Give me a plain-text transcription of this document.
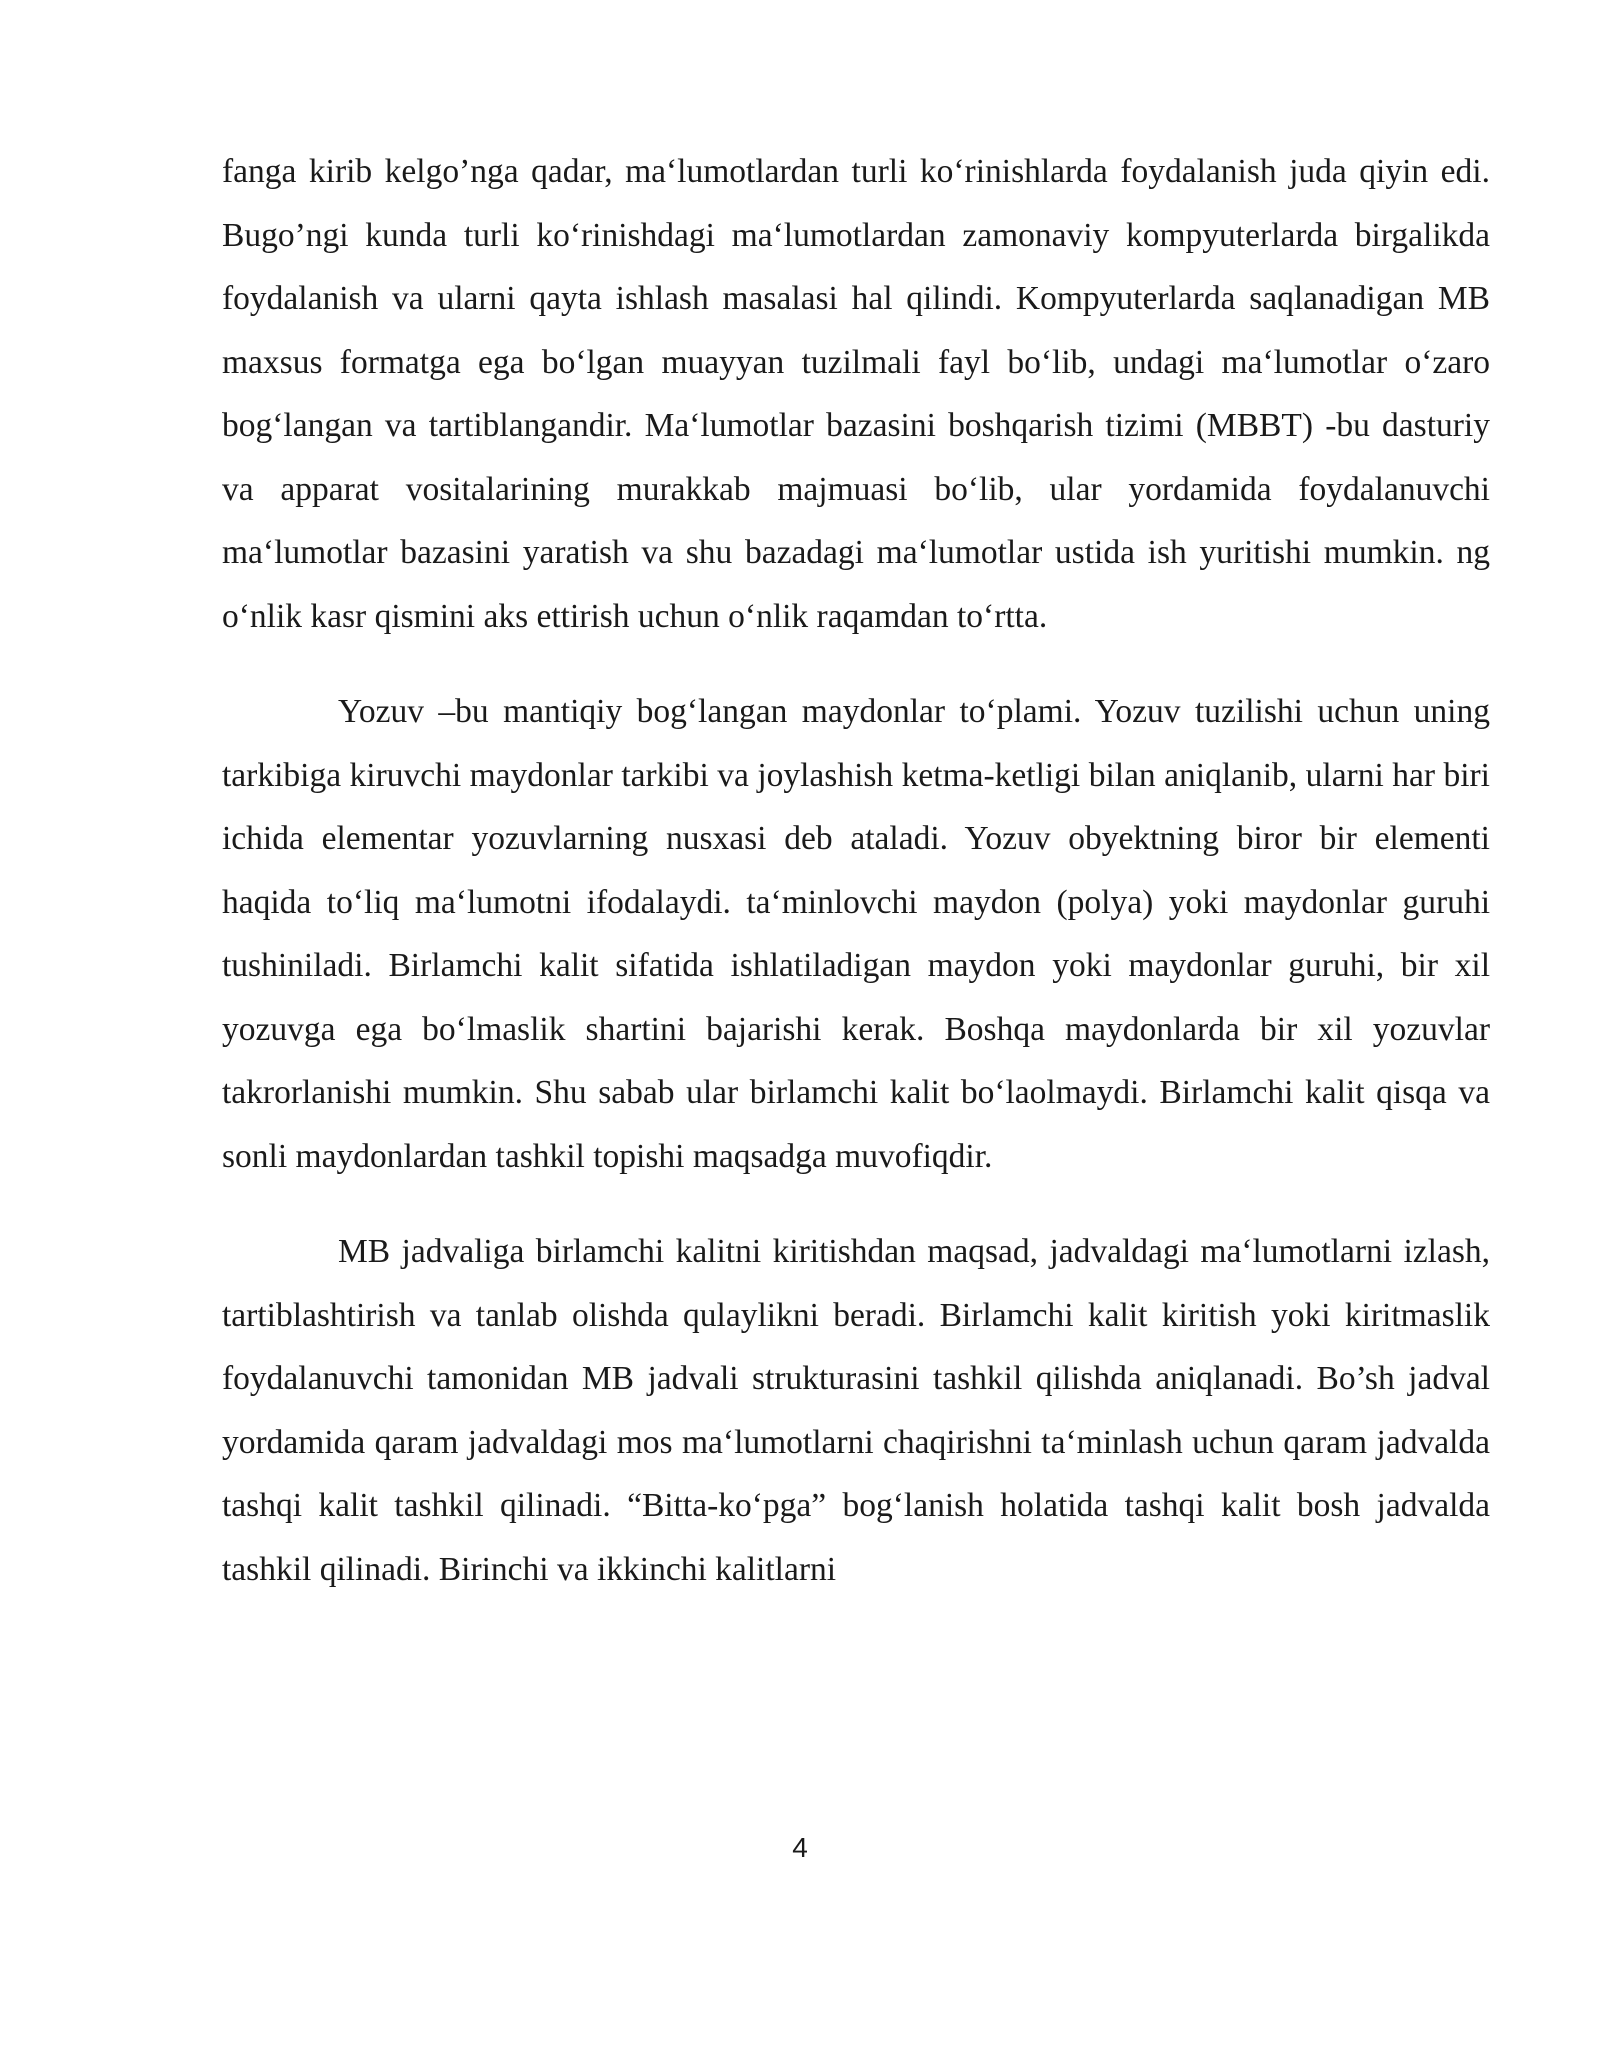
fanga kirib kelgo’nga qadar, maʻlumotlardan turli koʻrinishlarda foydalanish juda qiyin edi. Bugo’ngi kunda turli koʻrinishdagi maʻlumotlardan zamonaviy kompyuterlarda birgalikda foydalanish va ularni qayta ishlash masalasi hal qilindi. Kompyuterlarda saqlanadigan MB maxsus formatga ega boʻlgan muayyan tuzilmali fayl boʻlib, undagi maʻlumotlar oʻzaro bogʻlangan va tartiblangandir. Maʻlumotlar bazasini boshqarish tizimi (MBBT) -bu dasturiy va apparat vositalarining murakkab majmuasi boʻlib, ular yordamida foydalanuvchi maʻlumotlar bazasini yaratish va shu bazadagi maʻlumotlar ustida ish yuritishi mumkin. ng oʻnlik kasr qismini aks ettirish uchun oʻnlik raqamdan toʻrtta.

Yozuv –bu mantiqiy bogʻlangan maydonlar toʻplami. Yozuv tuzilishi uchun uning tarkibiga kiruvchi maydonlar tarkibi va joylashish ketma-ketligi bilan aniqlanib, ularni har biri ichida elementar yozuvlarning nusxasi deb ataladi. Yozuv obyektning biror bir elementi haqida toʻliq maʻlumotni ifodalaydi. taʻminlovchi maydon (polya) yoki maydonlar guruhi tushiniladi. Birlamchi kalit sifatida ishlatiladigan maydon yoki maydonlar guruhi, bir xil yozuvga ega boʻlmaslik shartini bajarishi kerak. Boshqa maydonlarda bir xil yozuvlar takrorlanishi mumkin. Shu sabab ular birlamchi kalit boʻlaolmaydi. Birlamchi kalit qisqa va sonli maydonlardan tashkil topishi maqsadga muvofiqdir.

MB jadvaliga birlamchi kalitni kiritishdan maqsad, jadvaldagi maʻlumotlarni izlash, tartiblashtirish va tanlab olishda qulaylikni beradi. Birlamchi kalit kiritish yoki kiritmaslik foydalanuvchi tamonidan MB jadvali strukturasini tashkil qilishda aniqlanadi. Bo’sh jadval yordamida qaram jadvaldagi mos maʻlumotlarni chaqirishni taʻminlash uchun qaram jadvalda tashqi kalit tashkil qilinadi. “Bitta-koʻpga” bogʻlanish holatida tashqi kalit bosh jadvalda tashkil qilinadi. Birinchi va ikkinchi kalitlarni

4
